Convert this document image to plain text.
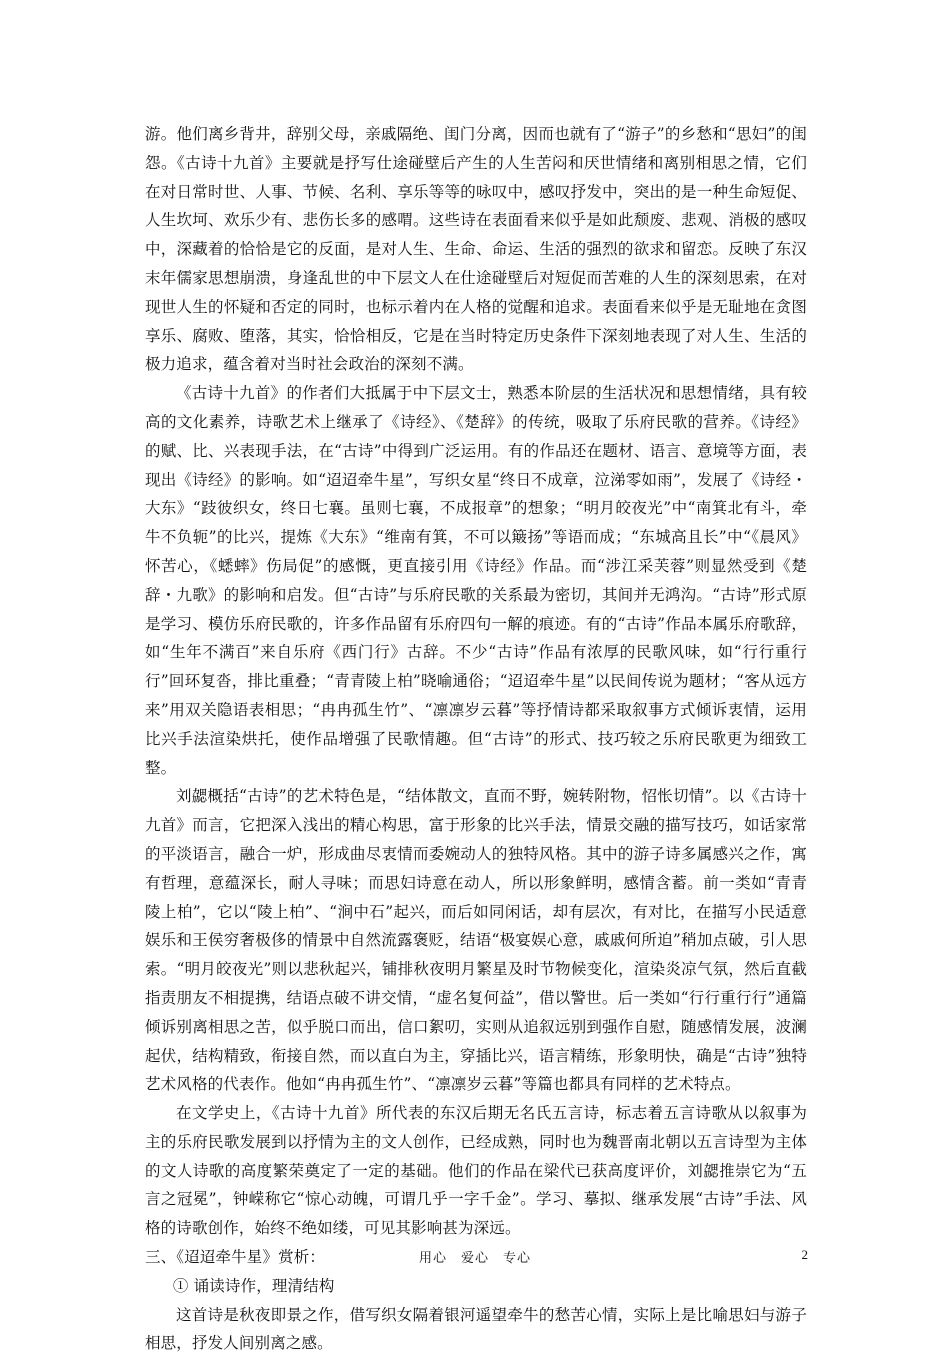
游。他们离乡背井，辞别父母，亲戚隔绝、闺门分离，因而也就有了“游子”的乡愁和“思妇”的闺怨。《古诗十九首》主要就是抒写仕途碰壁后产生的人生苦闷和厌世情绪和离别相思之情，它们在对日常时世、人事、节候、名利、享乐等等的咏叹中，感叹抒发中，突出的是一种生命短促、人生坎坷、欢乐少有、悲伤长多的感喟。这些诗在表面看来似乎是如此颓废、悲观、消极的感叹中，深藏着的恰恰是它的反面，是对人生、生命、命运、生活的强烈的欲求和留恋。反映了东汉末年儒家思想崩溃，身逢乱世的中下层文人在仕途碰壁后对短促而苦难的人生的深刻思索，在对现世人生的怀疑和否定的同时，也标示着内在人格的觉醒和追求。表面看来似乎是无耻地在贪图享乐、腐败、堕落，其实，恰恰相反，它是在当时特定历史条件下深刻地表现了对人生、生活的极力追求，蕴含着对当时社会政治的深刻不满。

《古诗十九首》的作者们大抵属于中下层文士，熟悉本阶层的生活状况和思想情绪，具有较高的文化素养，诗歌艺术上继承了《诗经》、《楚辞》的传统，吸取了乐府民歌的营养。《诗经》的赋、比、兴表现手法，在“古诗”中得到广泛运用。有的作品还在题材、语言、意境等方面，表现出《诗经》的影响。如“迢迢牵牛星”，写织女星“终日不成章，泣涕零如雨”，发展了《诗经・大东》“跂彼织女，终日七襄。虽则七襄，不成报章”的想象；“明月皎夜光”中“南箕北有斗，牵牛不负轭”的比兴，提炼《大东》“维南有箕，不可以簸扬”等语而成；“东城高且长”中“《晨风》怀苦心，《蟋蟀》伤局促”的感慨，更直接引用《诗经》作品。而“涉江采芙蓉”则显然受到《楚辞・九歌》的影响和启发。但“古诗”与乐府民歌的关系最为密切，其间并无鸿沟。“古诗”形式原是学习、模仿乐府民歌的，许多作品留有乐府四句一解的痕迹。有的“古诗”作品本属乐府歌辞，如“生年不满百”来自乐府《西门行》古辞。不少“古诗”作品有浓厚的民歌风味，如“行行重行行”回环复沓，排比重叠；“青青陵上柏”晓喻通俗；“迢迢牵牛星”以民间传说为题材；“客从远方来”用双关隐语表相思；“冉冉孤生竹”、“凛凛岁云暮”等抒情诗都采取叙事方式倾诉衷情，运用比兴手法渲染烘托，使作品增强了民歌情趣。但“古诗”的形式、技巧较之乐府民歌更为细致工整。

刘勰概括“古诗”的艺术特色是，“结体散文，直而不野，婉转附物，怊怅切情”。以《古诗十九首》而言，它把深入浅出的精心构思，富于形象的比兴手法，情景交融的描写技巧，如话家常的平淡语言，融合一炉，形成曲尽衷情而委婉动人的独特风格。其中的游子诗多属感兴之作，寓有哲理，意蕴深长，耐人寻味；而思妇诗意在动人，所以形象鲜明，感情含蓄。前一类如“青青陵上柏”，它以“陵上柏”、“涧中石”起兴，而后如同闲话，却有层次，有对比，在描写小民适意娱乐和王侯穷奢极侈的情景中自然流露褒贬，结语“极宴娱心意，戚戚何所迫”稍加点破，引人思索。“明月皎夜光”则以悲秋起兴，铺排秋夜明月繁星及时节物候变化，渲染炎凉气氛，然后直截指责朋友不相提携，结语点破不讲交情，“虚名复何益”，借以警世。后一类如“行行重行行”通篇倾诉别离相思之苦，似乎脱口而出，信口絮叨，实则从追叙远别到强作自慰，随感情发展，波澜起伏，结构精致，衔接自然，而以直白为主，穿插比兴，语言精练，形象明快，确是“古诗”独特艺术风格的代表作。他如“冉冉孤生竹”、“凛凛岁云暮”等篇也都具有同样的艺术特点。

在文学史上，《古诗十九首》所代表的东汉后期无名氏五言诗，标志着五言诗歌从以叙事为主的乐府民歌发展到以抒情为主的文人创作，已经成熟，同时也为魏晋南北朝以五言诗型为主体的文人诗歌的高度繁荣奠定了一定的基础。他们的作品在梁代已获高度评价，刘勰推崇它为“五言之冠冕”，钟嵘称它“惊心动魄，可谓几乎一字千金”。学习、摹拟、继承发展“古诗”手法、风格的诗歌创作，始终不绝如缕，可见其影响甚为深远。

三、《迢迢牵牛星》赏析：

① 诵读诗作，理清结构

这首诗是秋夜即景之作，借写织女隔着银河遥望牵牛的愁苦心情，实际上是比喻思妇与游子相思，抒发人间别离之感。

用心　爱心　专心	2
